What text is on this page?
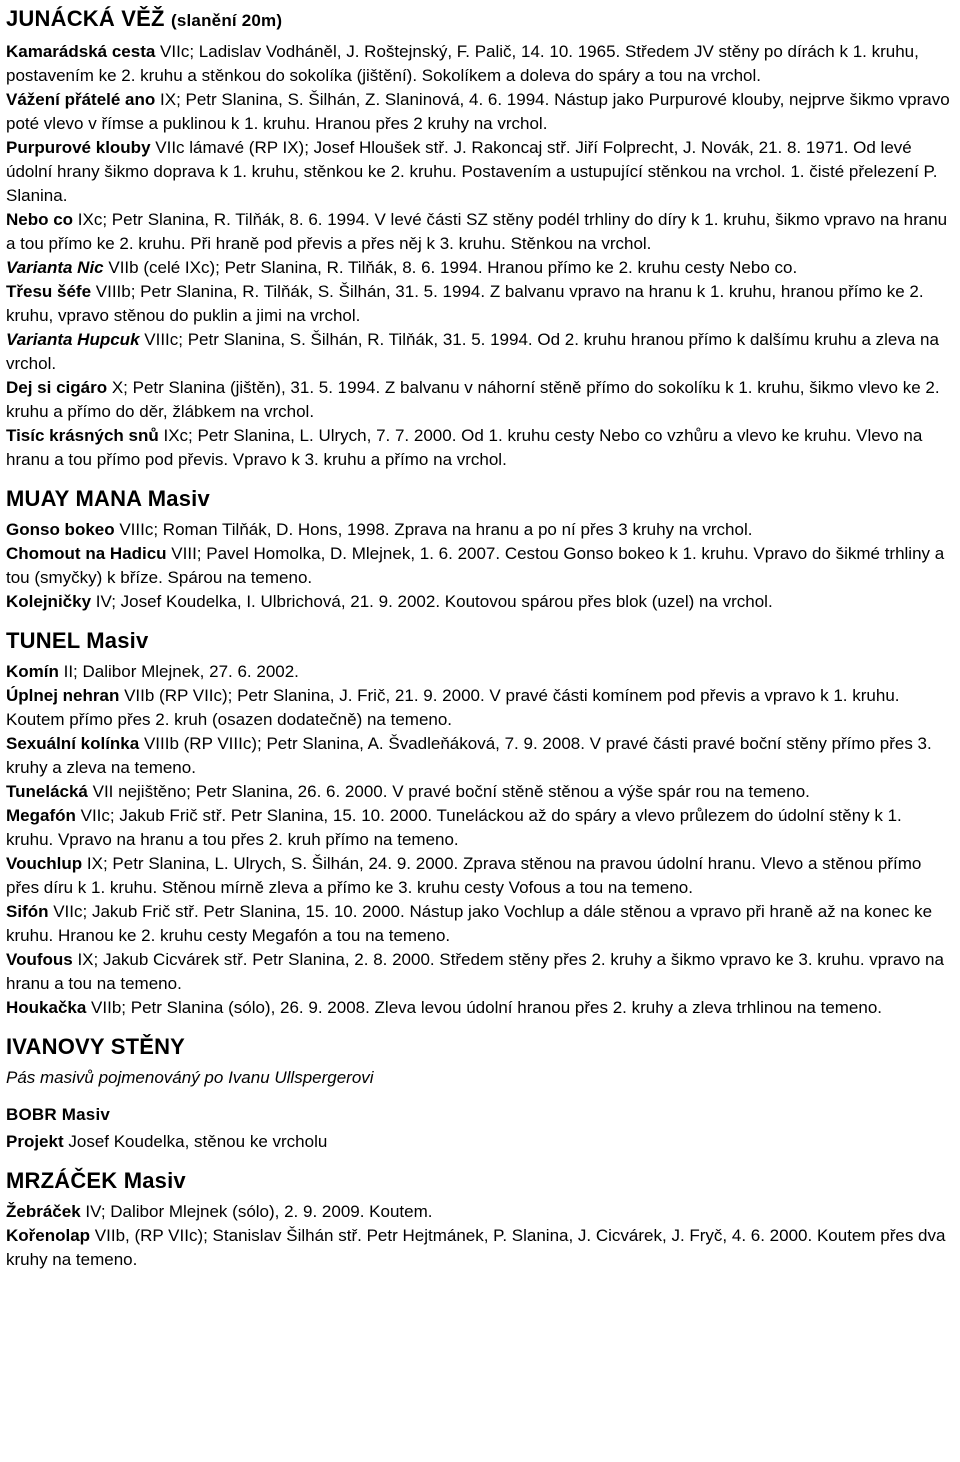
JUNÁCKÁ VĚŽ (slanění 20m)

Kamarádská cesta VIIc; Ladislav Vodháněl, J. Roštejnský, F. Palič, 14. 10. 1965. Středem JV stěny po dírách k 1. kruhu, postavením ke 2. kruhu a stěnkou do sokolíka (jištění). Sokolíkem a doleva do spáry a tou na vrchol.

Vážení přátelé ano IX; Petr Slanina, S. Šilhán, Z. Slaninová, 4. 6. 1994. Nástup jako Purpurové klouby, nejprve šikmo vpravo poté vlevo v římse a puklinou k 1. kruhu. Hranou přes 2 kruhy na vrchol.

Purpurové klouby VIIc lámavé (RP IX); Josef Hloušek stř. J. Rakoncaj stř. Jiří Folprecht, J. Novák, 21. 8. 1971. Od levé údolní hrany šikmo doprava k 1. kruhu, stěnkou ke 2. kruhu. Postavením a ustupující stěnkou na vrchol. 1. čisté přelezení P. Slanina.

Nebo co IXc; Petr Slanina, R. Tilňák, 8. 6. 1994. V levé části SZ stěny podél trhliny do díry k 1. kruhu, šikmo vpravo na hranu a tou přímo ke 2. kruhu. Při hraně pod převis a přes něj k 3. kruhu. Stěnkou na vrchol.

Varianta Nic VIIb (celé IXc); Petr Slanina, R. Tilňák, 8. 6. 1994. Hranou přímo ke 2. kruhu cesty Nebo co.

Třesu šéfe VIIIb; Petr Slanina, R. Tilňák, S. Šilhán, 31. 5. 1994. Z balvanu vpravo na hranu k 1. kruhu, hranou přímo ke 2. kruhu, vpravo stěnou do puklin a jimi na vrchol.

Varianta Hupcuk VIIIc; Petr Slanina, S. Šilhán, R. Tilňák, 31. 5. 1994. Od 2. kruhu hranou přímo k dalšímu kruhu a zleva na vrchol.

Dej si cigáro X; Petr Slanina (jištěn), 31. 5. 1994. Z balvanu v náhorní stěně přímo do sokolíku k 1. kruhu, šikmo vlevo ke 2. kruhu a přímo do děr, žlábkem na vrchol.

Tisíc krásných snů IXc; Petr Slanina, L. Ulrych, 7. 7. 2000. Od 1. kruhu cesty Nebo co vzhůru a vlevo ke kruhu. Vlevo na hranu a tou přímo pod převis. Vpravo k 3. kruhu a přímo na vrchol.

MUAY MANA Masiv

Gonso bokeo VIIIc; Roman Tilňák, D. Hons, 1998. Zprava na hranu a po ní přes 3 kruhy na vrchol.

Chomout na Hadicu VIII; Pavel Homolka, D. Mlejnek, 1. 6. 2007. Cestou Gonso bokeo k 1. kruhu. Vpravo do šikmé trhliny a tou (smyčky) k bříze. Spárou na temeno.

Kolejničky IV; Josef Koudelka, I. Ulbrichová, 21. 9. 2002. Koutovou spárou přes blok (uzel) na vrchol.

TUNEL Masiv

Komín II; Dalibor Mlejnek, 27. 6. 2002.

Úplnej nehran VIIb (RP VIIc); Petr Slanina, J. Frič, 21. 9. 2000. V pravé části komínem pod převis a vpravo k 1. kruhu. Koutem přímo přes 2. kruh (osazen dodatečně) na temeno.

Sexuální kolínka VIIIb (RP VIIIc); Petr Slanina, A. Švadleňáková, 7. 9. 2008. V pravé části pravé boční stěny přímo přes 3. kruhy a zleva na temeno.

Tunelácká VII nejištěno; Petr Slanina, 26. 6. 2000. V pravé boční stěně stěnou a výše spár rou na temeno.

Megafón VIIc; Jakub Frič stř. Petr Slanina, 15. 10. 2000. Tuneláckou až do spáry a vlevo průlezem do údolní stěny k 1. kruhu. Vpravo na hranu a tou přes 2. kruh přímo na temeno.

Vouchlup IX; Petr Slanina, L. Ulrych, S. Šilhán, 24. 9. 2000. Zprava stěnou na pravou údolní hranu. Vlevo a stěnou přímo přes díru k 1. kruhu. Stěnou mírně zleva a přímo ke 3. kruhu cesty Vofous a tou na temeno.

Sifón VIIc; Jakub Frič stř. Petr Slanina, 15. 10. 2000. Nástup jako Vochlup a dále stěnou a vpravo při hraně až na konec ke kruhu. Hranou ke 2. kruhu cesty Megafón a tou na temeno.

Voufous IX; Jakub Cicvárek stř. Petr Slanina, 2. 8. 2000. Středem stěny přes 2. kruhy a šikmo vpravo ke 3. kruhu. vpravo na hranu a tou na temeno.

Houkačka VIIb; Petr Slanina (sólo), 26. 9. 2008. Zleva levou údolní hranou přes 2. kruhy a zleva trhlinou na temeno.

IVANOVY STĚNY

Pás masivů pojmenováný po Ivanu Ullspergerovi

BOBR Masiv

Projekt Josef Koudelka, stěnou ke vrcholu

MRZÁČEK Masiv

Žebráček IV; Dalibor Mlejnek (sólo), 2. 9. 2009. Koutem.

Kořenolap VIIb, (RP VIIc); Stanislav Šilhán stř. Petr Hejtmánek, P. Slanina, J. Cicvárek, J. Fryč, 4. 6. 2000. Koutem přes dva kruhy na temeno.
